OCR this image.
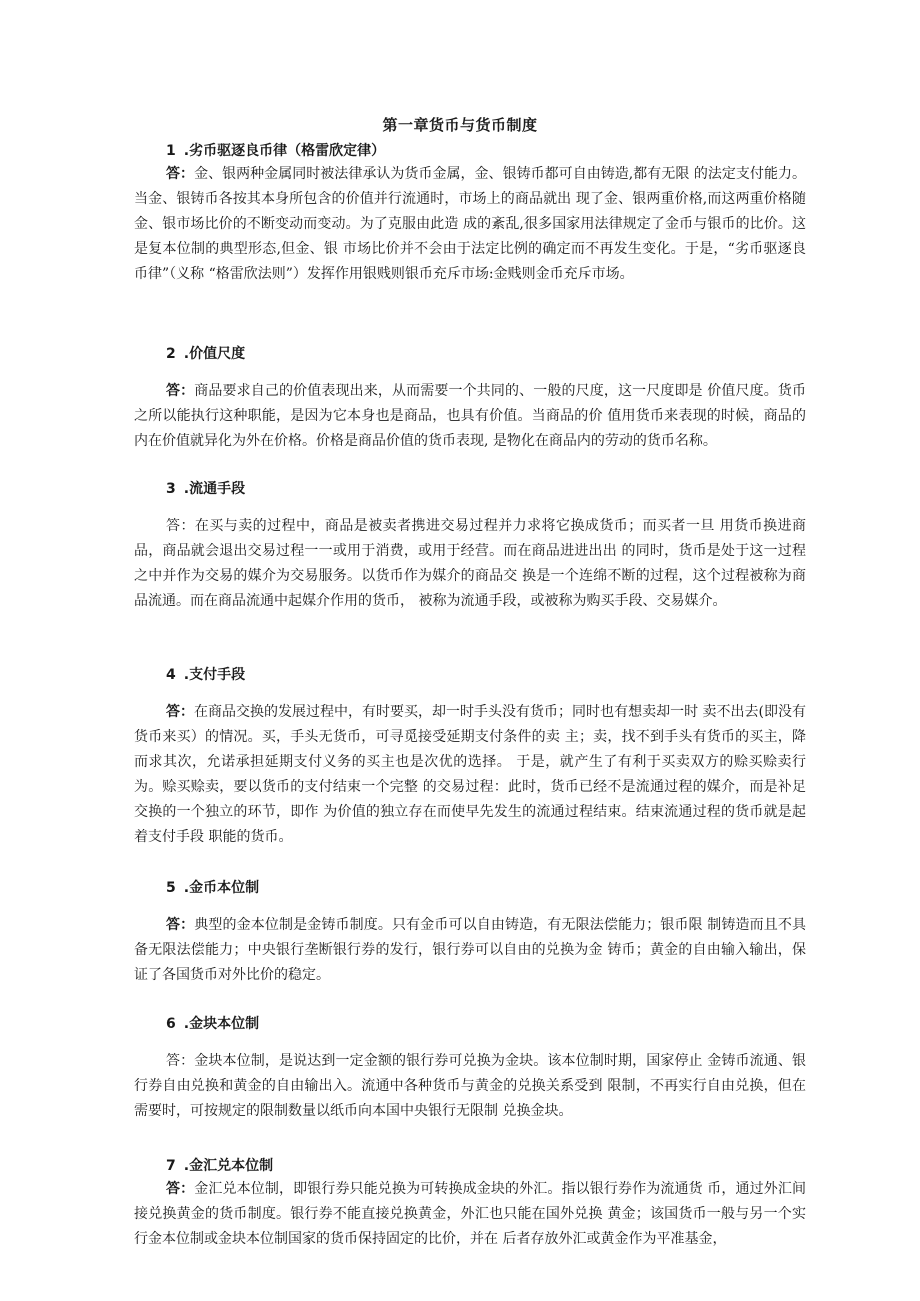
第一章货币与货币制度

1 .劣币驱逐良币律（格雷欣定律）

答：金、银两种金属同时被法律承认为货币金属，金、银铸币都可自由铸造,都有无限 的法定支付能力。当金、银铸币各按其本身所包含的价值并行流通时，市场上的商品就出 现了金、银两重价格,而这两重价格随金、银市场比价的不断变动而变动。为了克服由此造 成的紊乱,很多国家用法律规定了金币与银币的比价。这是复本位制的典型形态,但金、银 市场比价并不会由于法定比例的确定而不再发生变化。于是，“劣币驱逐良币律”（义称 “格雷欣法则”）发挥作用银贱则银币充斥市场:金贱则金币充斥市场。

2 .价值尺度

答：商品要求自己的价值表现出来，从而需要一个共同的、一般的尺度，这一尺度即是 价值尺度。货币之所以能执行这种职能，是因为它本身也是商品，也具有价值。当商品的价 值用货币来表现的时候，商品的内在价值就异化为外在价格。价格是商品价值的货币表现, 是物化在商品内的劳动的货币名称。

3 .流通手段

答：在买与卖的过程中，商品是被卖者携进交易过程并力求将它换成货币；而买者一旦 用货币换进商品，商品就会退出交易过程一一或用于消费，或用于经营。而在商品进进出出 的同时，货币是处于这一过程之中并作为交易的媒介为交易服务。以货币作为媒介的商品交 换是一个连绵不断的过程，这个过程被称为商品流通。而在商品流通中起媒介作用的货币， 被称为流通手段，或被称为购买手段、交易媒介。

4 .支付手段

答：在商品交换的发展过程中，有时要买，却一时手头没有货币；同时也有想卖却一时 卖不出去(即没有货币来买）的情况。买，手头无货币，可寻觅接受延期支付条件的卖 主；卖，找不到手头有货币的买主，降而求其次，允诺承担延期支付义务的买主也是次优的选择。 于是，就产生了有利于买卖双方的赊买赊卖行为。赊买赊卖，要以货币的支付结束一个完整 的交易过程：此时，货币已经不是流通过程的媒介，而是补足交换的一个独立的环节，即作 为价值的独立存在而使早先发生的流通过程结束。结束流通过程的货币就是起着支付手段 职能的货币。

5 .金币本位制

答：典型的金本位制是金铸币制度。只有金币可以自由铸造，有无限法偿能力；银币限 制铸造而且不具备无限法偿能力；中央银行垄断银行券的发行，银行券可以自由的兑换为金 铸币；黄金的自由输入输出，保证了各国货币对外比价的稳定。

6 .金块本位制

答：金块本位制，是说达到一定金额的银行券可兑换为金块。该本位制时期，国家停止 金铸币流通、银行券自由兑换和黄金的自由输出入。流通中各种货币与黄金的兑换关系受到 限制，不再实行自由兑换，但在需要时，可按规定的限制数量以纸币向本国中央银行无限制 兑换金块。

7 .金汇兑本位制

答：金汇兑本位制，即银行券只能兑换为可转换成金块的外汇。指以银行券作为流通货 币，通过外汇间接兑换黄金的货币制度。银行券不能直接兑换黄金，外汇也只能在国外兑换 黄金；该国货币一般与另一个实行金本位制或金块本位制国家的货币保持固定的比价，并在 后者存放外汇或黄金作为平准基金，
